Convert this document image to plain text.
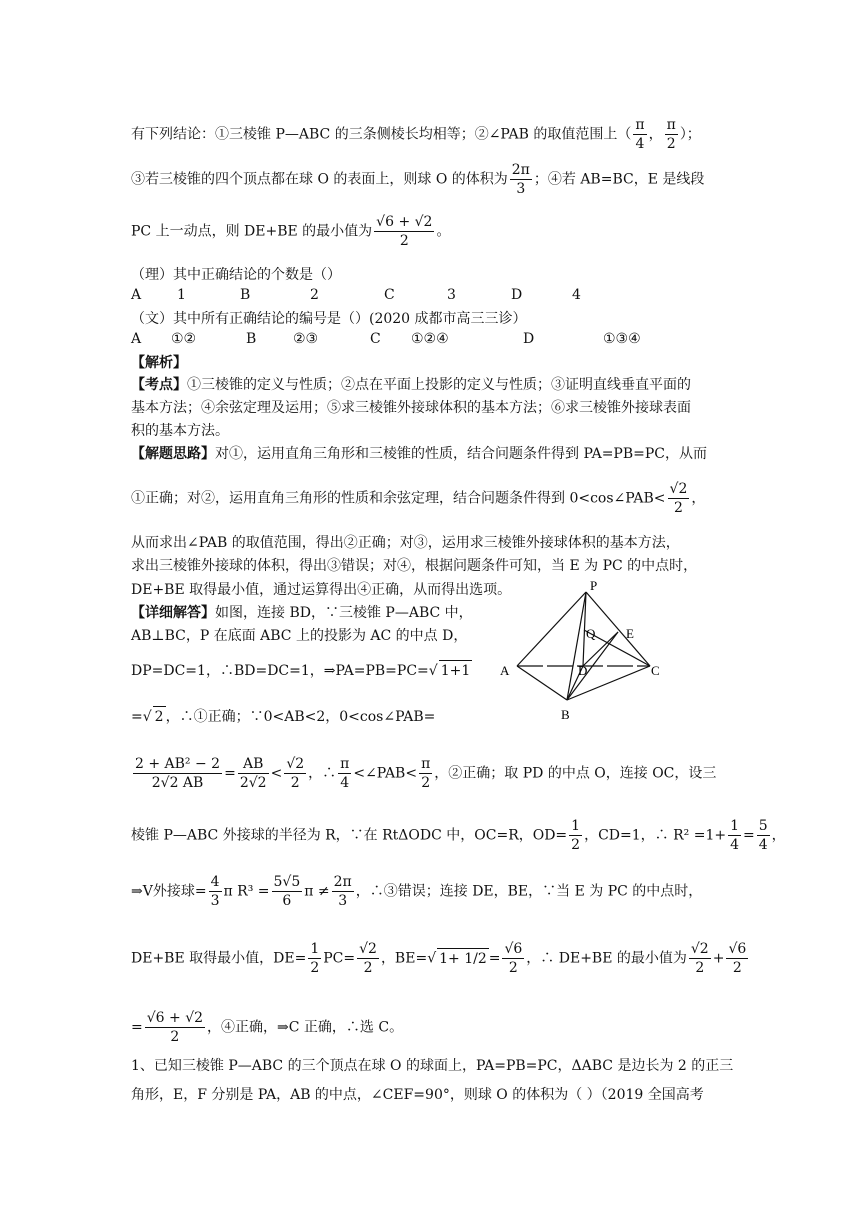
有下列结论：①三棱锥 P—ABC 的三条侧棱长均相等；②∠PAB 的取值范围上（ $\frac{\pi}{4}$ ， $\frac{\pi}{2}$ ）；
③若三棱锥的四个顶点都在球 O 的表面上，则球 O 的体积为 $\frac{2\pi}{3}$ ；④若 AB=BC，E 是线段
PC 上一动点，则 DE+BE 的最小值为 $\frac{√6 + √2}{2}$ 。
（理）其中正确结论的个数是（）
A	1	B	2	C	3	D	4
（文）其中所有正确结论的编号是（）(2020 成都市高三三诊）
A ①②	B	②③	C ①②④	D	①③④
【解析】
【考点】①三棱锥的定义与性质；②点在平面上投影的定义与性质；③证明直线垂直平面的
基本方法；④余弦定理及运用；⑤求三棱锥外接球体积的基本方法；⑥求三棱锥外接球表面
积的基本方法。
【解题思路】对①，运用直角三角形和三棱锥的性质，结合问题条件得到 PA=PB=PC，从而
①正确；对②，运用直角三角形的性质和余弦定理，结合问题条件得到 0<cos∠PAB< $\frac{√2}{2}$ ，
从而求出∠PAB 的取值范围，得出②正确；对③，运用求三棱锥外接球体积的基本方法，
求出三棱锥外接球的体积，得出③错误；对④，根据问题条件可知，当 E 为 PC 的中点时，
DE+BE 取得最小值，通过运算得出④正确，从而得出选项。
【详细解答】如图，连接 BD，∵三棱锥 P—ABC 中，
AB⊥BC，P 在底面 ABC 上的投影为 AC 的中点 D，
DP=DC=1，∴BD=DC=1，⇒PA=PB=PC=√ 1+1
=√ 2 ，∴①正确；∵0<AB<2，0<cos∠PAB=
$\frac{\text{2 + AB² − 2}}{2√2 AB} = \frac{AB}{2√2} < \frac{√2}{2}$ ，∴ $\frac{\pi}{4}$ <∠PAB< $\frac{\pi}{2}$ ，②正确；取 PD 的中点 O，连接 OC，设三
棱锥 P—ABC 外接球的半径为 R，∵在 RtΔODC 中，OC=R，$OD= \frac{1}{2}$ ，CD=1，∴ $R^2 =1+ \frac{1}{4} = \frac{5}{4}$ ，
⇒V外接球= $\frac{4}{3}$ π $R^3 = \frac{5√5}{6}$ $\pi \ne \frac{2\pi}{3}$ ，∴③错误；连接 DE，BE，∵当 E 为 PC 的中点时，
DE+BE 取得最小值，$DE= \frac{1}{2} PC= \frac{√2}{2}$ ，BE=√ $1+ 1/2 = \frac{√6}{2}$ ，∴ DE+BE 的最小值为 $\frac{√2}{2} + \frac{√6}{2}$
= $\frac{√6 + √2}{2}$ ，④正确，⇒C 正确，∴选 C。
1、已知三棱锥 P—ABC 的三个顶点在球 O 的球面上，PA=PB=PC，ΔABC 是边长为 2 的正三
角形，E，F 分别是 PA，AB 的中点，∠CEF=90°，则球 O 的体积为（ ）（2019 全国高考
P
Q E
A	D	C
B
